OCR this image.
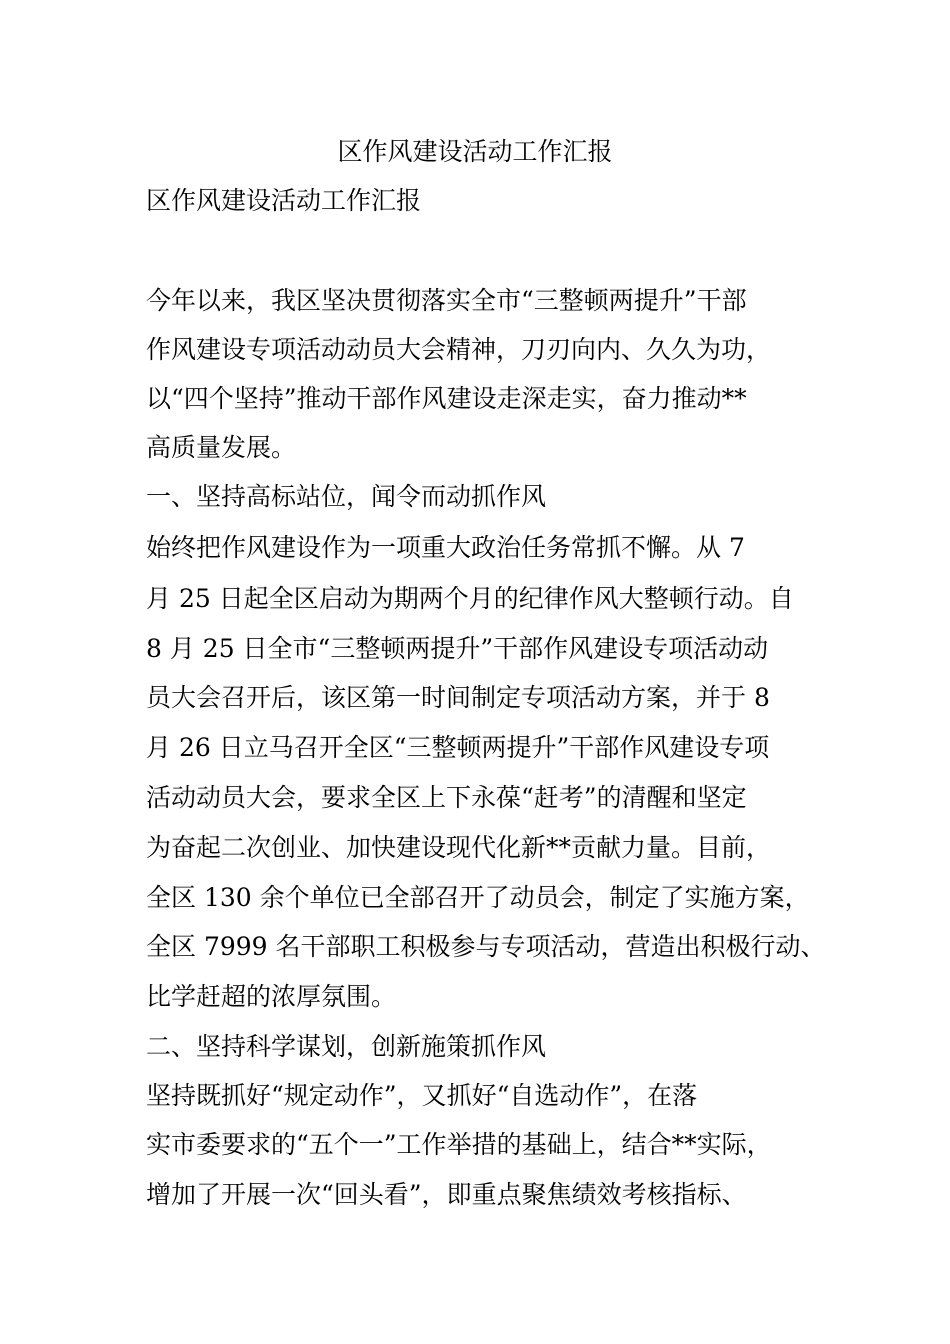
区作风建设活动工作汇报
区作风建设活动工作汇报
今年以来，我区坚决贯彻落实全市“三整顿两提升”干部
作风建设专项活动动员大会精神，刀刃向内、久久为功，
以“四个坚持”推动干部作风建设走深走实，奋力推动**
高质量发展。
一、坚持高标站位，闻令而动抓作风
始终把作风建设作为一项重大政治任务常抓不懈。从 7
月 25 日起全区启动为期两个月的纪律作风大整顿行动。自
8 月 25 日全市“三整顿两提升”干部作风建设专项活动动
员大会召开后，该区第一时间制定专项活动方案，并于 8
月 26 日立马召开全区“三整顿两提升”干部作风建设专项
活动动员大会，要求全区上下永葆“赶考”的清醒和坚定
为奋起二次创业、加快建设现代化新**贡献力量。目前，
全区 130 余个单位已全部召开了动员会，制定了实施方案，
全区 7999 名干部职工积极参与专项活动，营造出积极行动、
比学赶超的浓厚氛围。
二、坚持科学谋划，创新施策抓作风
坚持既抓好“规定动作”，又抓好“自选动作”，在落
实市委要求的“五个一”工作举措的基础上，结合**实际，
增加了开展一次“回头看”，即重点聚焦绩效考核指标、
